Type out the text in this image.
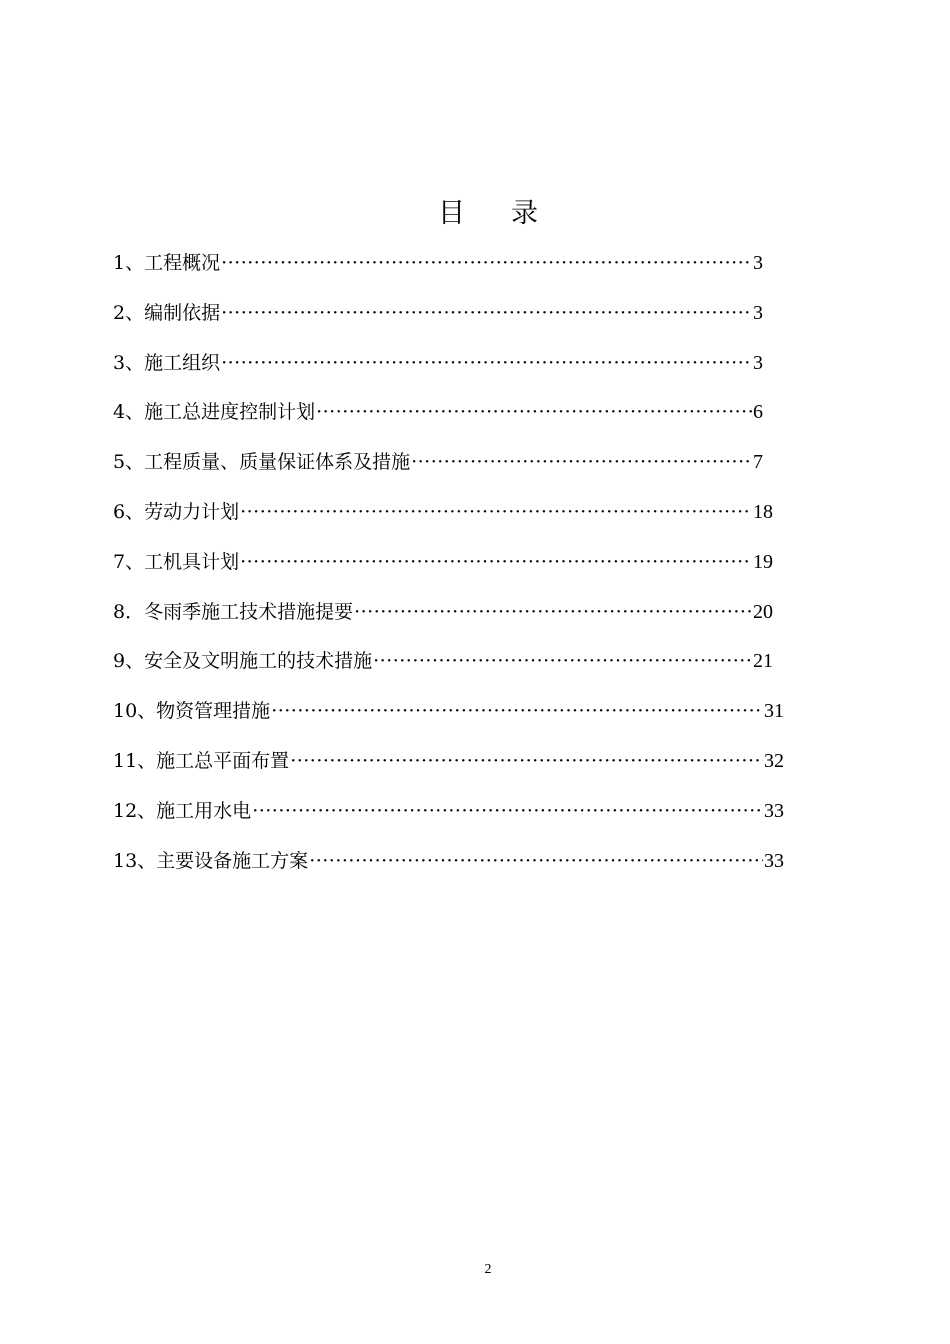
目 录
1、工程概况 ·····	3
2、编制依据 ·····	3
3、施工组织 ·····	3
4、施工总进度控制计划 ·····	6
5、工程质量、质量保证体系及措施 ·····	7
6、劳动力计划 ·····	18
7、工机具计划 ·····	19
8．冬雨季施工技术措施提要 ·····	20
9、安全及文明施工的技术措施 ·····	21
10、物资管理措施 ·····	31
11、施工总平面布置 ·····	32
12、施工用水电 ·····	33
13、主要设备施工方案 ·····	33
2
